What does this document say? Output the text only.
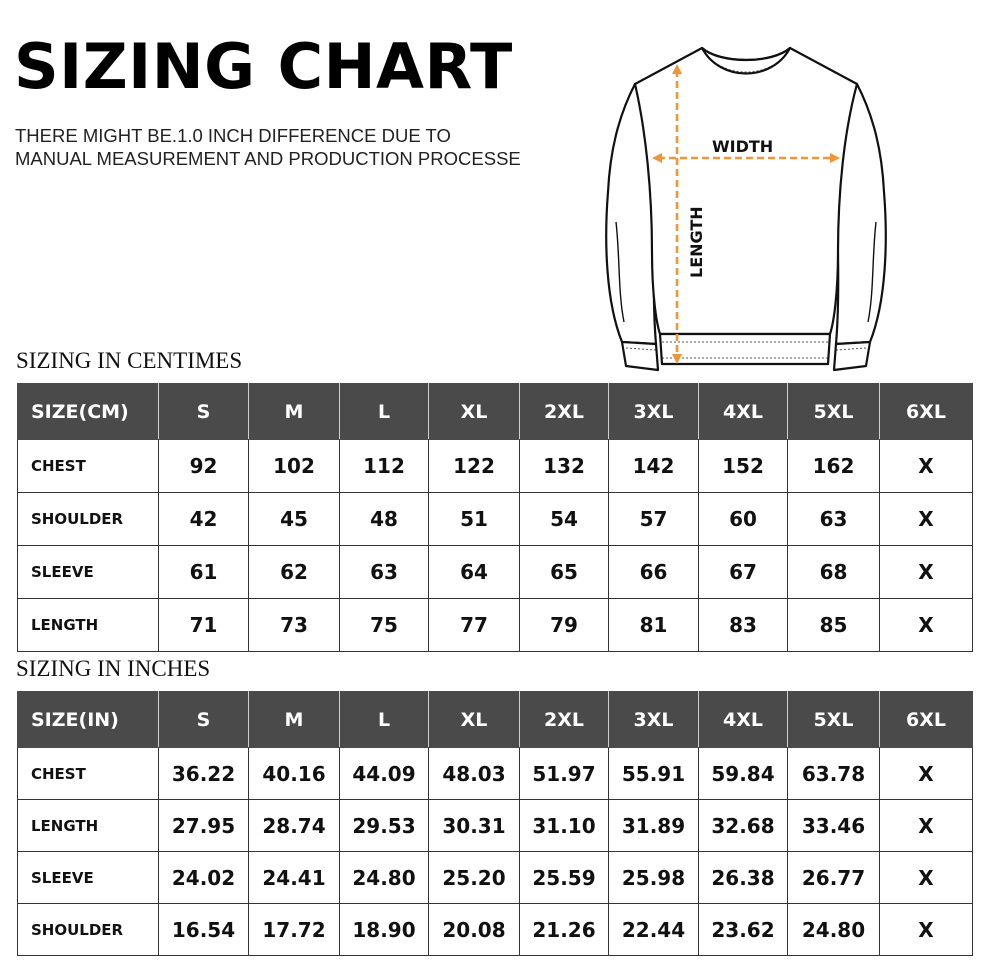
SIZING CHART
THERE MIGHT BE.1.0 INCH DIFFERENCE DUE TO
MANUAL MEASUREMENT AND PRODUCTION PROCESSE
WIDTH
LENGTH
SIZING IN CENTIMES
SIZE(CM)	S	M	L	XL	2XL	3XL	4XL	5XL	6XL
CHEST	92	102	112	122	132	142	152	162	X
SHOULDER	42	45	48	51	54	57	60	63	X
SLEEVE	61	62	63	64	65	66	67	68	X
LENGTH	71	73	75	77	79	81	83	85	X
SIZING IN INCHES
SIZE(IN)	S	M	L	XL	2XL	3XL	4XL	5XL	6XL
CHEST	36.22	40.16	44.09	48.03	51.97	55.91	59.84	63.78	X
LENGTH	27.95	28.74	29.53	30.31	31.10	31.89	32.68	33.46	X
SLEEVE	24.02	24.41	24.80	25.20	25.59	25.98	26.38	26.77	X
SHOULDER	16.54	17.72	18.90	20.08	21.26	22.44	23.62	24.80	X
